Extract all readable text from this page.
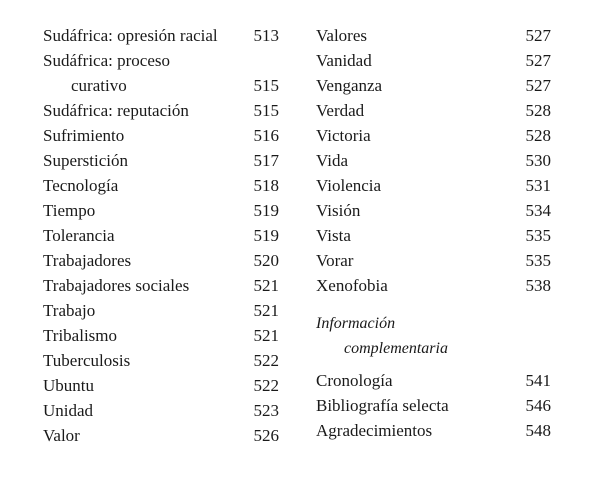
Sudáfrica: opresión racial 513
Sudáfrica: proceso
curativo	515
Sudáfrica: reputación	515
Sufrimiento	516
Superstición	517
Tecnología	518
Tiempo	519
Tolerancia	519
Trabajadores	520
Trabajadores sociales	521
Trabajo	521
Tribalismo	521
Tuberculosis	522
Ubuntu	522
Unidad	523
Valor	526
Valores	527
Vanidad	527
Venganza	527
Verdad	528
Victoria	528
Vida	530
Violencia	531
Visión	534
Vista	535
Vorar	535
Xenofobia	538
Información
complementaria
Cronología	541
Bibliografía selecta	546
Agradecimientos	548
